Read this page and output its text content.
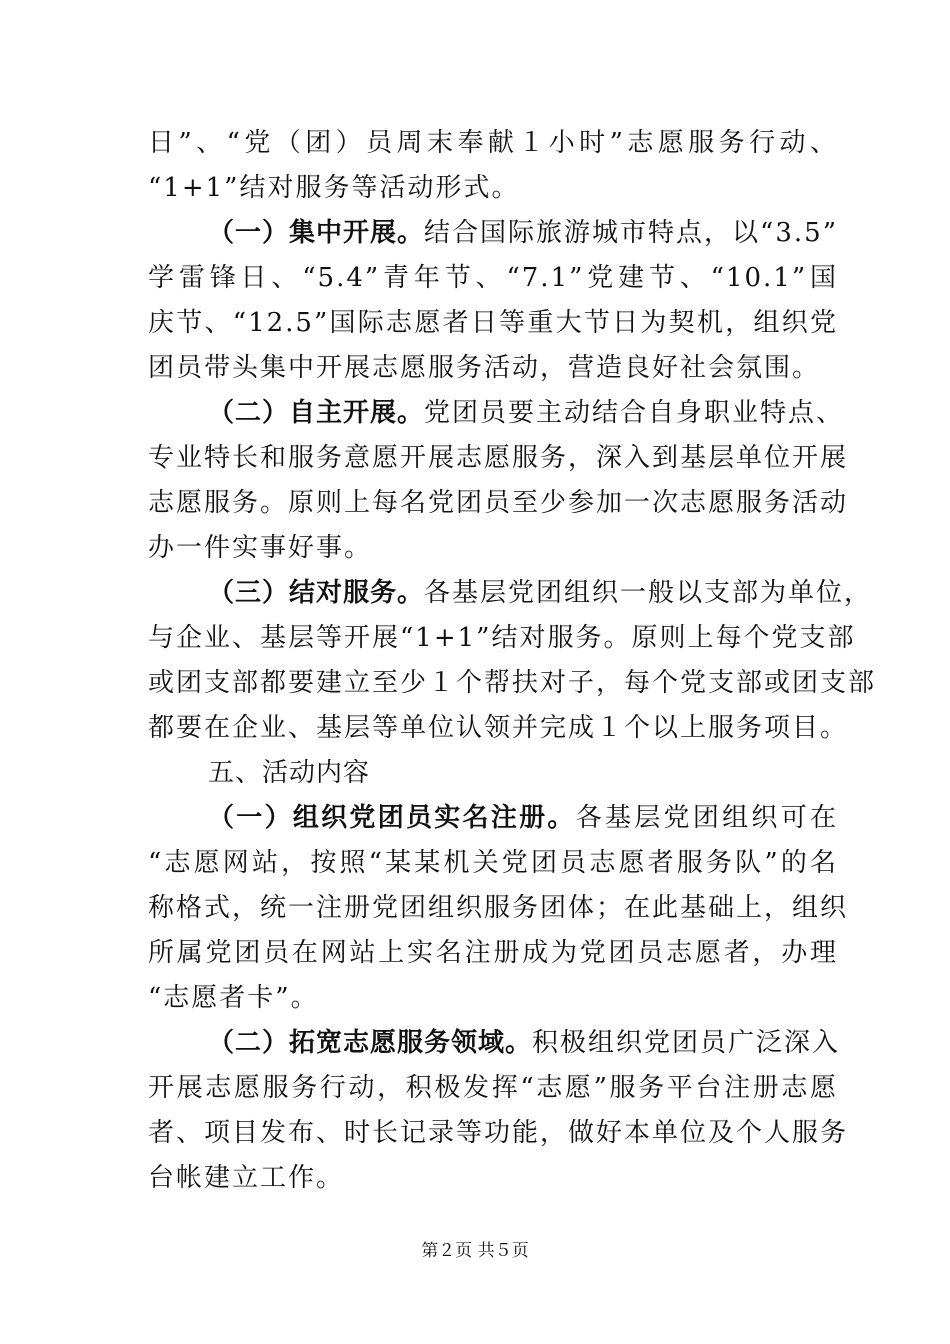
日”、“党（团）员周末奉献１小时”志愿服务行动、
“1+1”结对服务等活动形式。
（一）集中开展。结合国际旅游城市特点，以“3.5”
学雷锋日、“5.4”青年节、“7.1”党建节、“10.1”国
庆节、“12.5”国际志愿者日等重大节日为契机，组织党
团员带头集中开展志愿服务活动，营造良好社会氛围。
（二）自主开展。党团员要主动结合自身职业特点、
专业特长和服务意愿开展志愿服务，深入到基层单位开展
志愿服务。原则上每名党团员至少参加一次志愿服务活动
办一件实事好事。
（三）结对服务。各基层党团组织一般以支部为单位，
与企业、基层等开展“1+1”结对服务。原则上每个党支部
或团支部都要建立至少１个帮扶对子，每个党支部或团支部
都要在企业、基层等单位认领并完成１个以上服务项目。
五、活动内容
（一）组织党团员实名注册。各基层党团组织可在
“志愿网站，按照“某某机关党团员志愿者服务队”的名
称格式，统一注册党团组织服务团体；在此基础上，组织
所属党团员在网站上实名注册成为党团员志愿者，办理
“志愿者卡”。
（二）拓宽志愿服务领域。积极组织党团员广泛深入
开展志愿服务行动，积极发挥“志愿”服务平台注册志愿
者、项目发布、时长记录等功能，做好本单位及个人服务
台帐建立工作。
第２页 共５页
